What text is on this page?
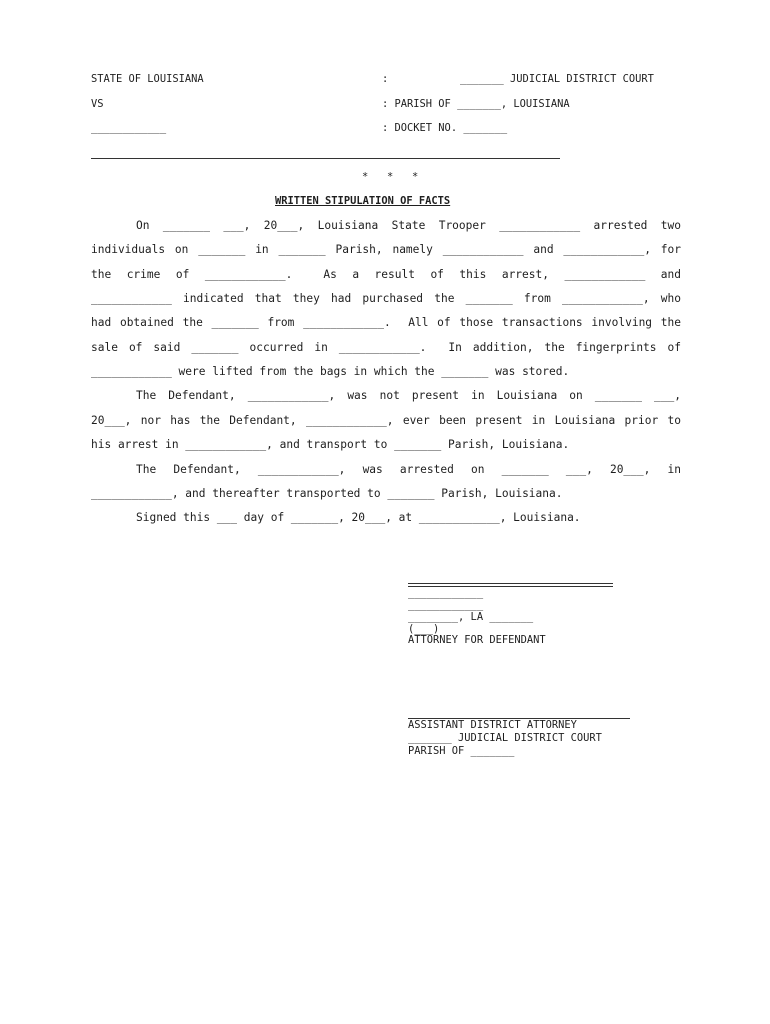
STATE OF LOUISIANA	:	_______ JUDICIAL DISTRICT COURT
VS	: PARISH OF _______, LOUISIANA
____________	: DOCKET NO. _______
*   *   *
WRITTEN STIPULATION OF FACTS
On _______ ___, 20___, Louisiana State Trooper ____________ arrested two
individuals on _______ in _______ Parish, namely ____________ and ____________, for
the crime of ____________.  As a result of this arrest, ____________ and
____________ indicated that they had purchased the _______ from ____________, who
had obtained the _______ from ____________.  All of those transactions involving the
sale of said _______ occurred in ____________.  In addition, the fingerprints of
____________ were lifted from the bags in which the _______ was stored.
The Defendant, ____________, was not present in Louisiana on _______ ___,
20___, nor has the Defendant, ____________, ever been present in Louisiana prior to
his arrest in ____________, and transport to _______ Parish, Louisiana.
The Defendant, ____________, was arrested on _______ ___, 20___, in
____________, and thereafter transported to _______ Parish, Louisiana.
Signed this ___ day of _______, 20___, at ____________, Louisiana.
____________
____________
________, LA _______
(___)
ATTORNEY FOR DEFENDANT
ASSISTANT DISTRICT ATTORNEY
_______ JUDICIAL DISTRICT COURT
PARISH OF _______
